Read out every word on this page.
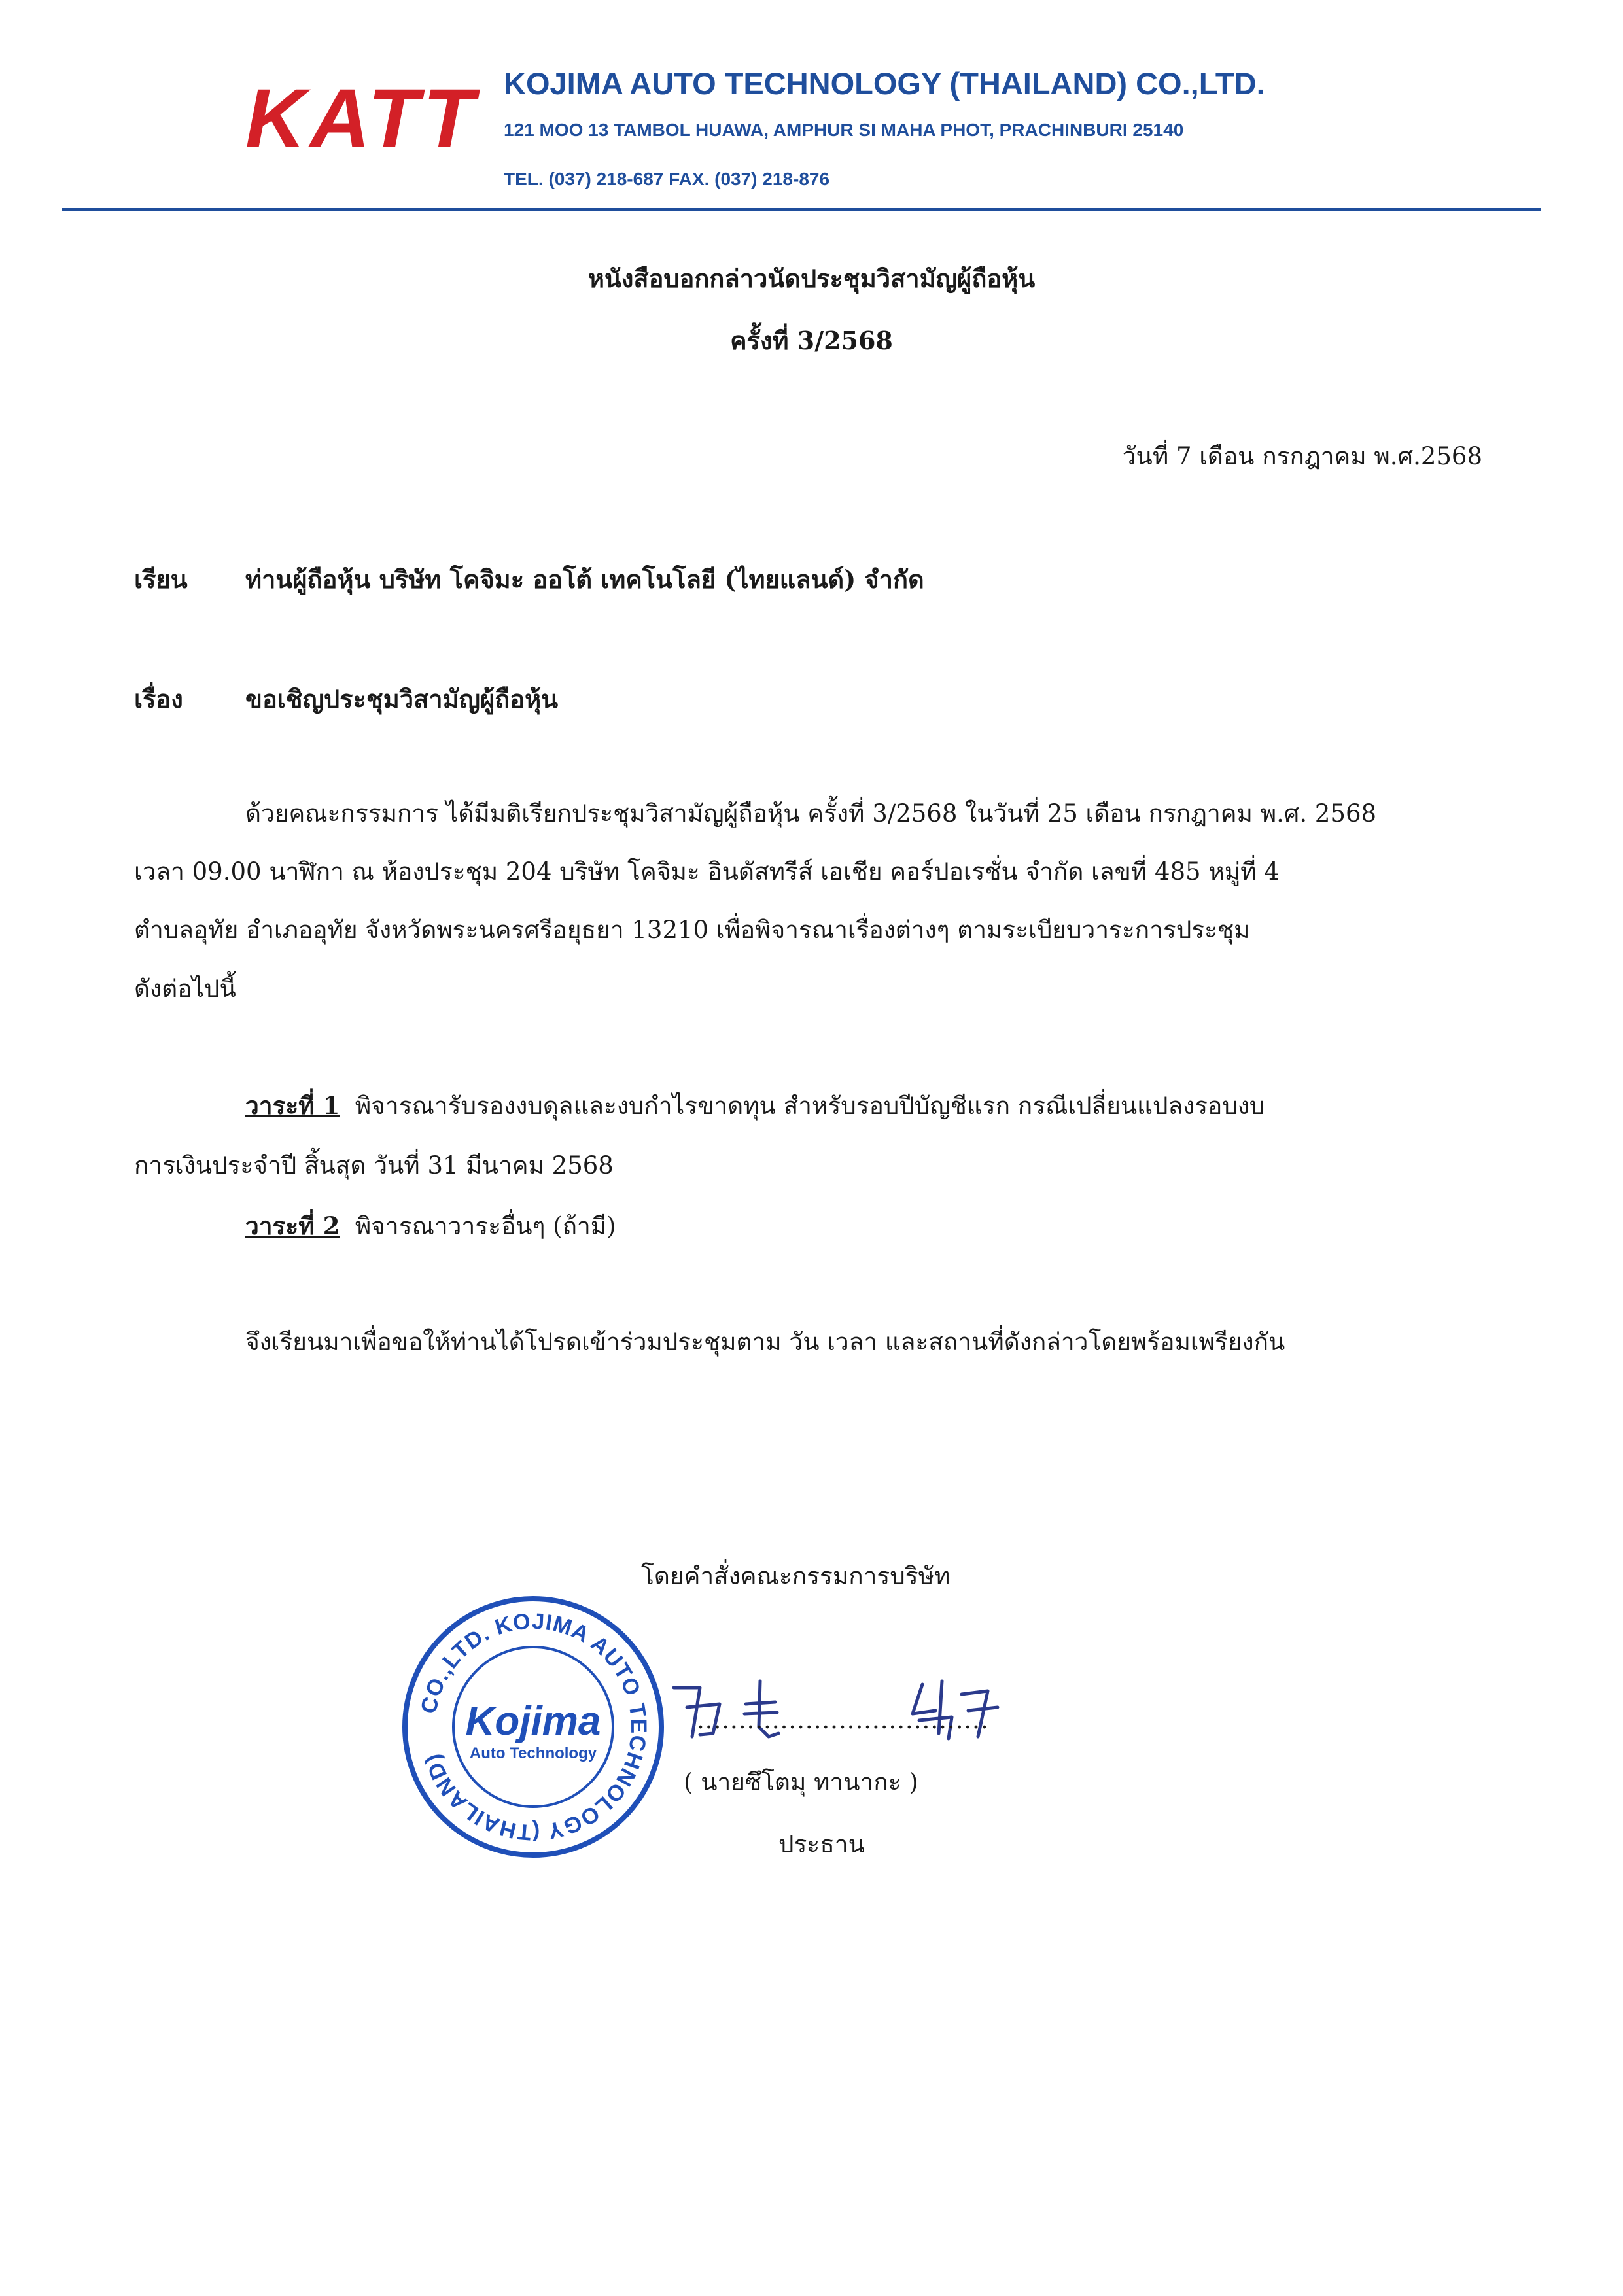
KATT KOJIMA AUTO TECHNOLOGY (THAILAND) CO.,LTD.
121 MOO 13 TAMBOL HUAWA, AMPHUR SI MAHA PHOT, PRACHINBURI 25140
TEL. (037) 218-687 FAX. (037) 218-876
หนังสือบอกกล่าวนัดประชุมวิสามัญผู้ถือหุ้น
ครั้งที่ 3/2568
วันที่ 7 เดือน กรกฎาคม พ.ศ.2568
เรียน ท่านผู้ถือหุ้น บริษัท โคจิมะ ออโต้ เทคโนโลยี (ไทยแลนด์) จำกัด
เรื่อง	ขอเชิญประชุมวิสามัญผู้ถือหุ้น
ด้วยคณะกรรมการ ได้มีมติเรียกประชุมวิสามัญผู้ถือหุ้น ครั้งที่ 3/2568 ในวันที่ 25 เดือน กรกฎาคม พ.ศ. 2568
เวลา 09.00 นาฬิกา ณ ห้องประชุม 204 บริษัท โคจิมะ อินดัสทรีส์ เอเชีย คอร์ปอเรชั่น จำกัด เลขที่ 485 หมู่ที่ 4
ตำบลอุทัย อำเภออุทัย จังหวัดพระนครศรีอยุธยา 13210 เพื่อพิจารณาเรื่องต่างๆ ตามระเบียบวาระการประชุม
ดังต่อไปนี้
วาระที่ 1 พิจารณารับรองงบดุลและงบกำไรขาดทุน สำหรับรอบปีบัญชีแรก กรณีเปลี่ยนแปลงรอบงบ
การเงินประจำปี สิ้นสุด วันที่ 31 มีนาคม 2568
วาระที่ 2 พิจารณาวาระอื่นๆ (ถ้ามี)
จึงเรียนมาเพื่อขอให้ท่านได้โปรดเข้าร่วมประชุมตาม วัน เวลา และสถานที่ดังกล่าวโดยพร้อมเพรียงกัน
โดยคำสั่งคณะกรรมการบริษัท
CO.,LTD. KOJIMA AUTO TECHNOLOGY (THAILAND)
Kojima
Auto Technology
...................................
( นายซึโตมุ ทานากะ )
ประธาน
